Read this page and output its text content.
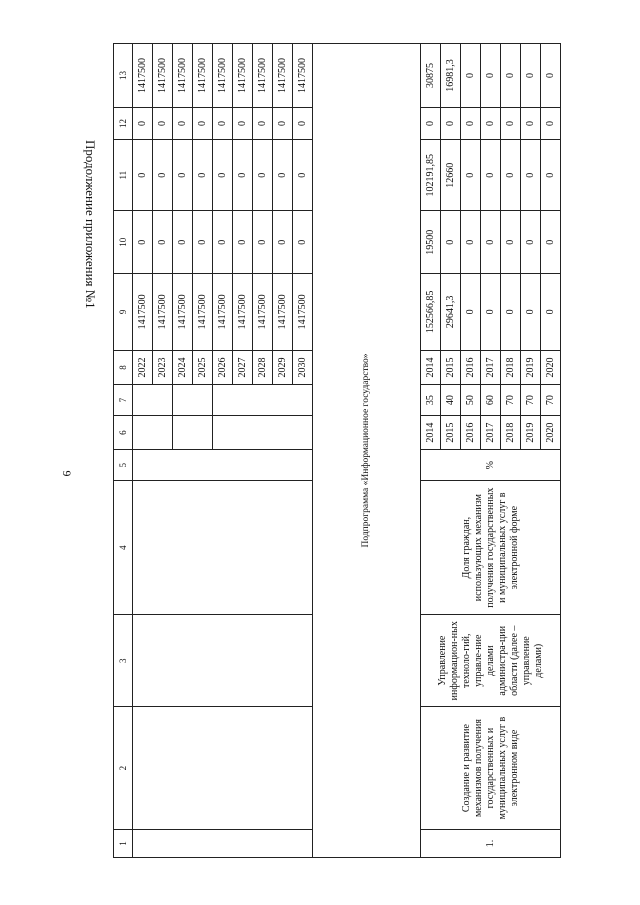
6
Продолжение приложения №1
1	2	3	4	5	6	7	8	9	10	11	12	13
							2022	1417500	0	0	0	1417500
							2023	1417500	0	0	0	1417500
							2024	1417500	0	0	0	1417500
							2025	1417500	0	0	0	1417500
							2026	1417500	0	0	0	1417500
							2027	1417500	0	0	0	1417500
							2028	1417500	0	0	0	1417500
							2029	1417500	0	0	0	1417500
							2030	1417500	0	0	0	1417500
Подпрограмма «Информационное государство»												
1.	Создание и развитие механизмов получения государственных и муниципальных услуг в электронном виде	Управление информацион-ных техноло-гий, управле-ние делами администра-ции области (далее – управление делами)	Доля граждан, использующих механизм получения государственных и муниципальных услуг в электронной форме	%	2014	35	2014	152566,85	19500	102191,85	0	30875
					2015	40	2015	29641,3	0	12660	0	16981,3
					2016	50	2016	0	0	0	0	0
					2017	60	2017	0	0	0	0	0
					2018	70	2018	0	0	0	0	0
					2019	70	2019	0	0	0	0	0
					2020	70	2020	0	0	0	0	0
